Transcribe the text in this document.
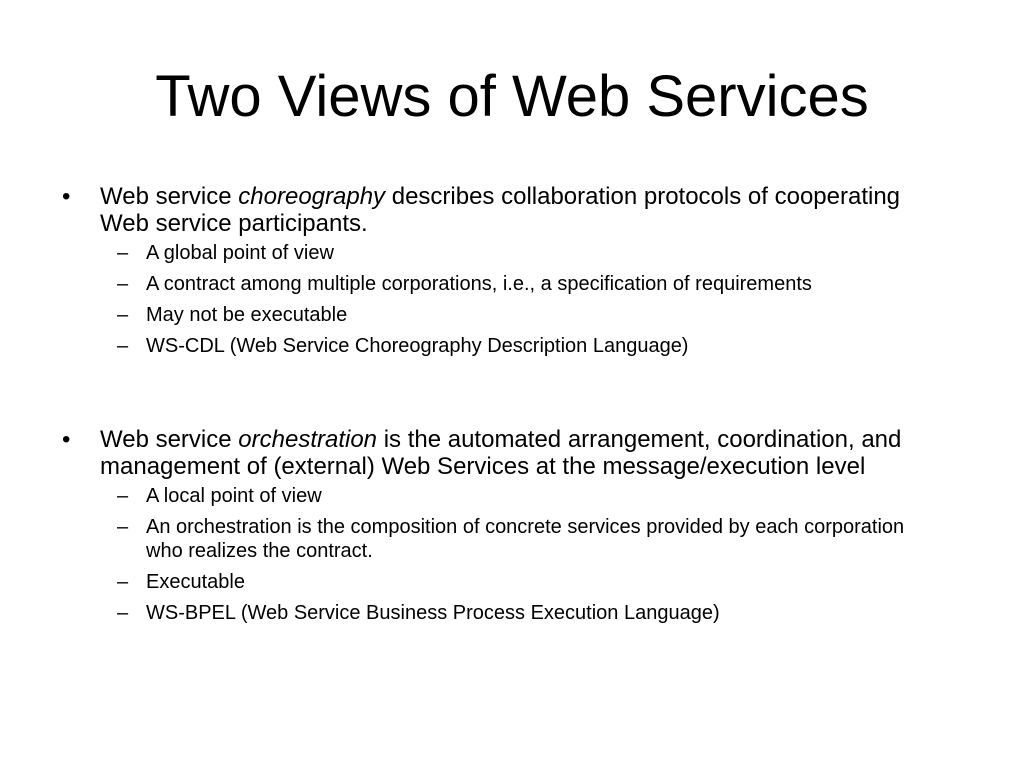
Two Views of Web Services
• Web service choreography describes collaboration protocols of cooperating Web service participants.
– A global point of view
– A contract among multiple corporations, i.e., a specification of requirements
– May not be executable
– WS-CDL (Web Service Choreography Description Language)
• Web service orchestration is the automated arrangement, coordination, and management of (external) Web Services at the message/execution level
– A local point of view
– An orchestration is the composition of concrete services provided by each corporation who realizes the contract.
– Executable
– WS-BPEL (Web Service Business Process Execution Language)
